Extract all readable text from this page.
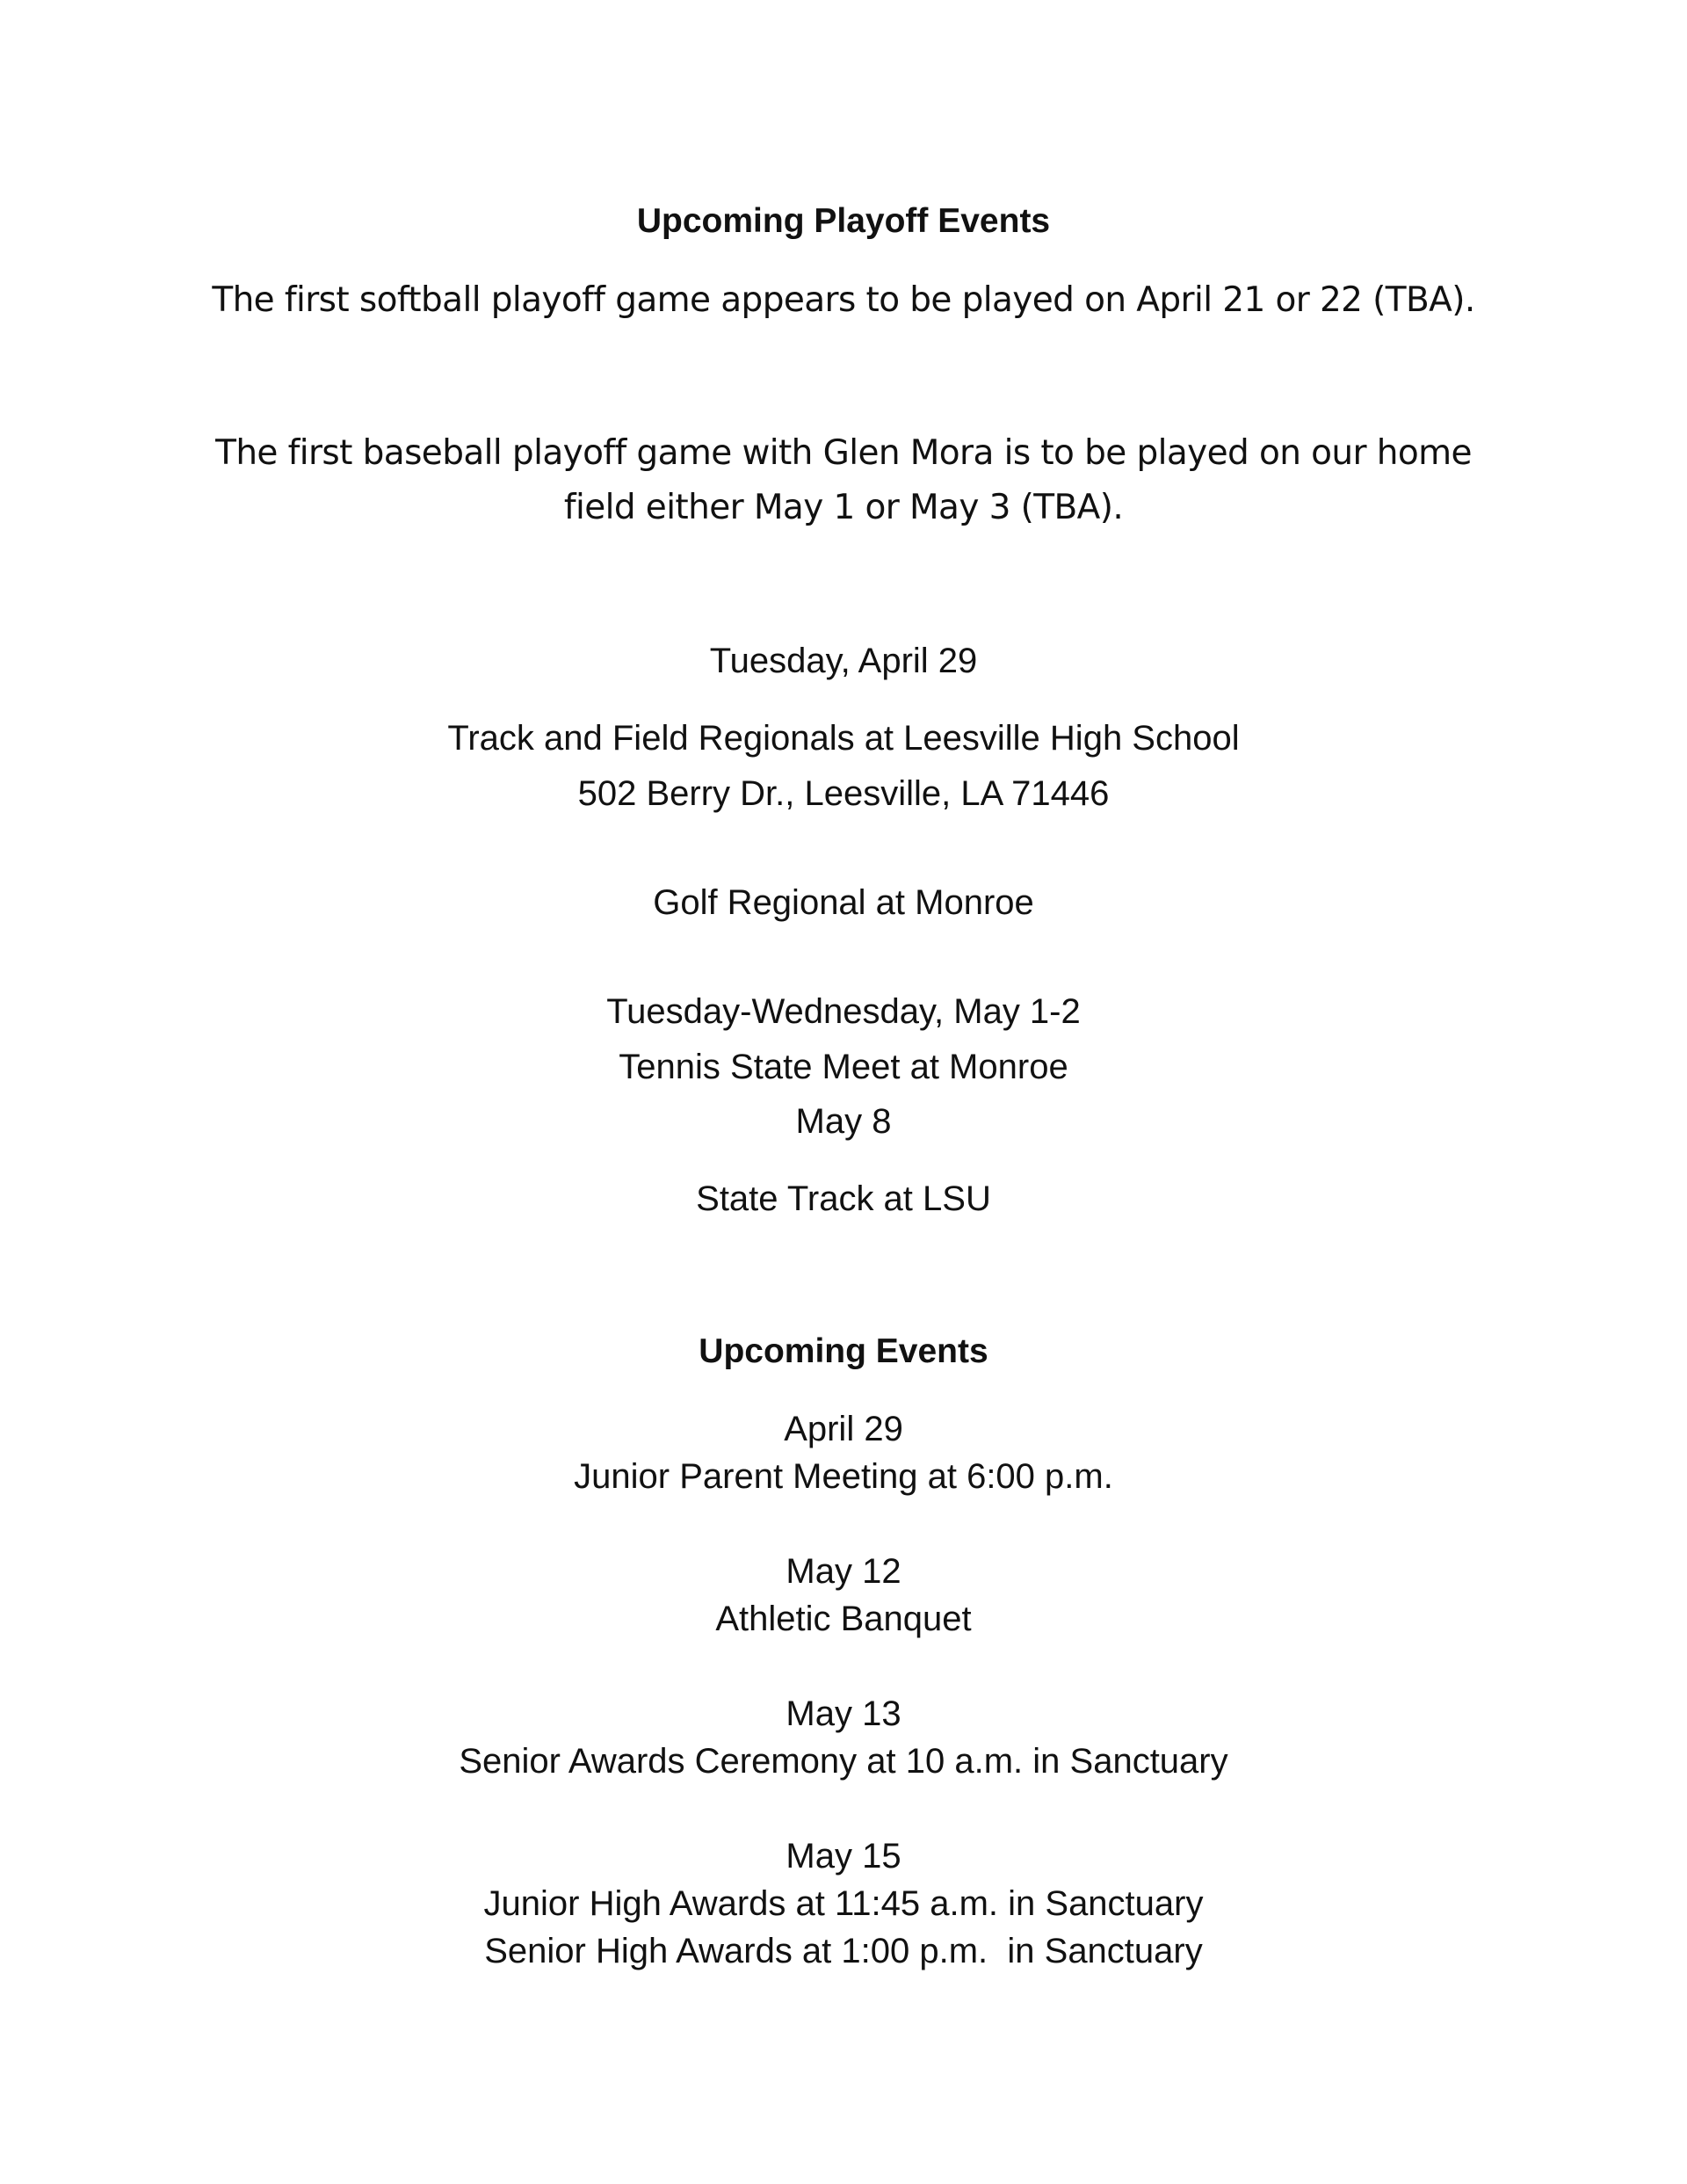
Upcoming Playoff Events
The first softball playoff game appears to be played on April 21 or 22 (TBA).
The first baseball playoff game with Glen Mora is to be played on our home
field either May 1 or May 3 (TBA).
Tuesday, April 29
Track and Field Regionals at Leesville High School
502 Berry Dr., Leesville, LA 71446
Golf Regional at Monroe
Tuesday-Wednesday, May 1-2
Tennis State Meet at Monroe
May 8
State Track at LSU
Upcoming Events
April 29
Junior Parent Meeting at 6:00 p.m.
May 12
Athletic Banquet
May 13
Senior Awards Ceremony at 10 a.m. in Sanctuary
May 15
Junior High Awards at 11:45 a.m. in Sanctuary
Senior High Awards at 1:00 p.m.  in Sanctuary
